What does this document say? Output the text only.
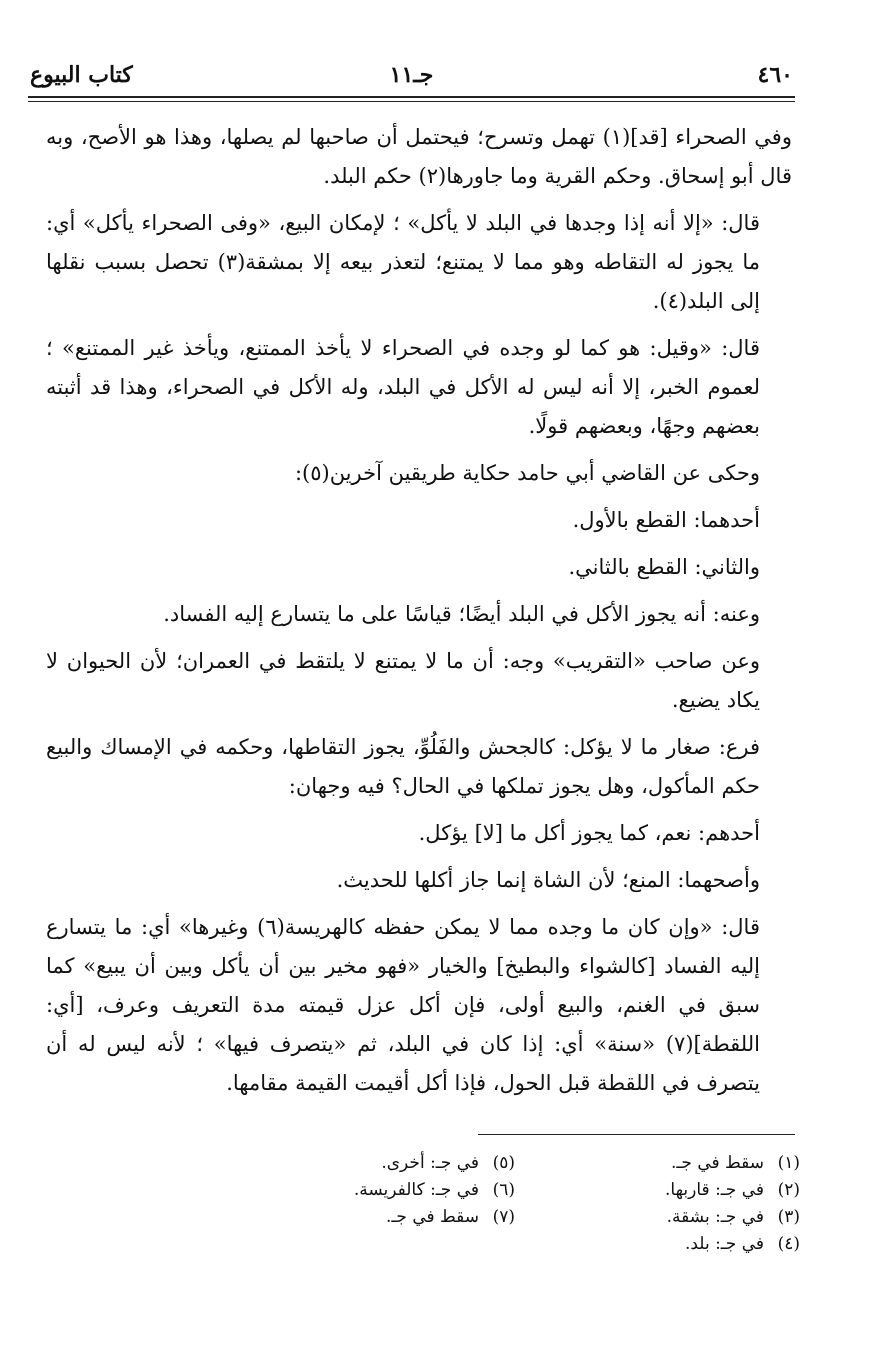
٤٦٠
جـ١١
كتاب البيوع

وفي الصحراء [قد](١) تهمل وتسرح؛ فيحتمل أن صاحبها لم يصلها، وهذا هو الأصح، وبه قال أبو إسحاق. وحكم القرية وما جاورها(٢) حكم البلد.

قال: «إلا أنه إذا وجدها في البلد لا يأكل» ؛ لإمكان البيع، «وفى الصحراء يأكل» أي: ما يجوز له التقاطه وهو مما لا يمتنع؛ لتعذر بيعه إلا بمشقة(٣) تحصل بسبب نقلها إلى البلد(٤).

قال: «وقيل: هو كما لو وجده في الصحراء لا يأخذ الممتنع، ويأخذ غير الممتنع» ؛ لعموم الخبر، إلا أنه ليس له الأكل في البلد، وله الأكل في الصحراء، وهذا قد أثبته بعضهم وجهًا، وبعضهم قولًا.

وحكى عن القاضي أبي حامد حكاية طريقين آخرين(٥):

أحدهما: القطع بالأول.

والثاني: القطع بالثاني.

وعنه: أنه يجوز الأكل في البلد أيضًا؛ قياسًا على ما يتسارع إليه الفساد.

وعن صاحب «التقريب» وجه: أن ما لا يمتنع لا يلتقط في العمران؛ لأن الحيوان لا يكاد يضيع.

فرع: صغار ما لا يؤكل: كالجحش والفَلُوِّ، يجوز التقاطها، وحكمه في الإمساك والبيع حكم المأكول، وهل يجوز تملكها في الحال؟ فيه وجهان:

أحدهم: نعم، كما يجوز أكل ما [لا] يؤكل.

وأصحهما: المنع؛ لأن الشاة إنما جاز أكلها للحديث.

قال: «وإن كان ما وجده مما لا يمكن حفظه كالهريسة(٦) وغيرها» أي: ما يتسارع إليه الفساد [كالشواء والبطيخ] والخيار «فهو مخير بين أن يأكل وبين أن يبيع» كما سبق في الغنم، والبيع أولى، فإن أكل عزل قيمته مدة التعريف وعرف، [أي: اللقطة](٧) «سنة» أي: إذا كان في البلد، ثم «يتصرف فيها» ؛ لأنه ليس له أن يتصرف في اللقطة قبل الحول، فإذا أكل أقيمت القيمة مقامها.

(١)سقط في جـ.
(٢)في جـ: قاربها.
(٣)في جـ: بشقة.
(٤)في جـ: بلد.
(٥)في جـ: أخرى.
(٦)في جـ: كالفريسة.
(٧)سقط في جـ.
